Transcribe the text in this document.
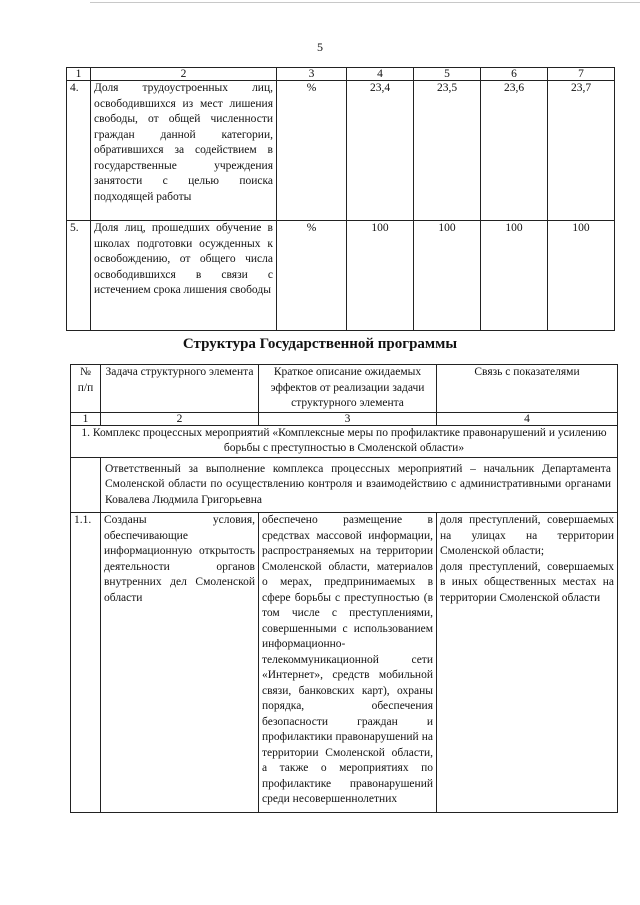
5
1	2	3	4	5	6	7
4.	Доля трудоустроенных лиц, освободившихся из мест лишения свободы, от общей численности граждан данной категории, обратившихся за содействием в государственные учреждения занятости с целью поиска подходящей работы	%	23,4	23,5	23,6	23,7
5.	Доля лиц, прошедших обучение в школах подготовки осужденных к освобождению, от общего числа освободившихся в связи с истечением срока лишения свободы	%	100	100	100	100
Структура Государственной программы
№ п/п	Задача структурного элемента	Краткое описание ожидаемых эффектов от реализации задачи структурного элемента	Связь с показателями
1	2	3	4
1. Комплекс процессных мероприятий «Комплексные меры по профилактике правонарушений и усилению борьбы с преступностью в Смоленской области»			
	Ответственный за выполнение комплекса процессных мероприятий – начальник Департамента Смоленской области по осуществлению контроля и взаимодействию с административными органами Ковалева Людмила Григорьевна		
1.1.	Созданы условия, обеспечивающие информационную открытость деятельности органов внутренних дел Смоленской области	обеспечено размещение в средствах массовой информации, распространяемых на территории Смоленской области, материалов о мерах, предпринимаемых в сфере борьбы с преступностью (в том числе с преступлениями, совершенными с использованием информационно-телекоммуникационной сети «Интернет», средств мобильной связи, банковских карт), охраны порядка, обеспечения безопасности граждан и профилактики правонарушений на территории Смоленской области, а также о мероприятиях по профилактике правонарушений среди несовершеннолетних	доля преступлений, совершаемых на улицах на территории Смоленской области;
доля преступлений, совершаемых в иных общественных местах на территории Смоленской области
